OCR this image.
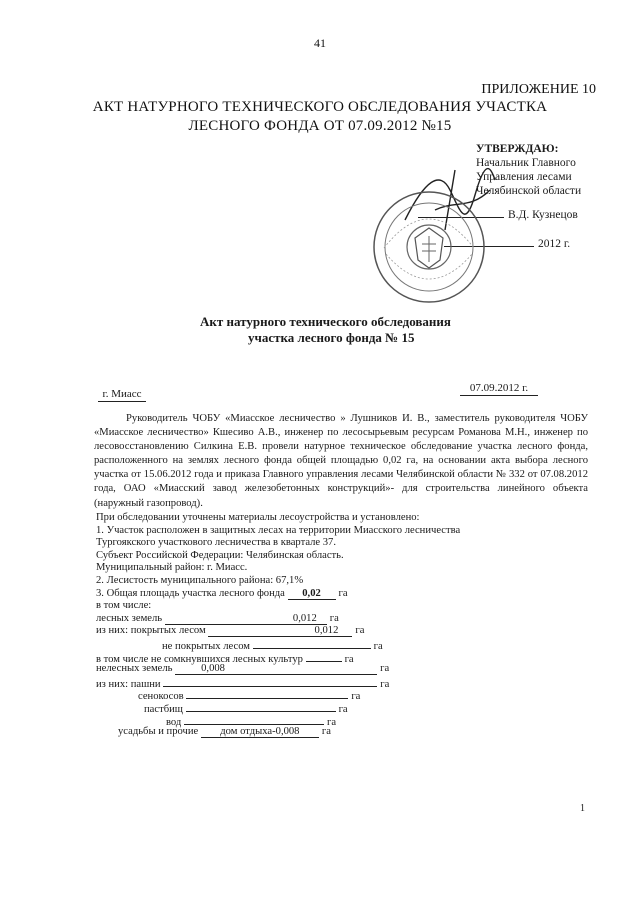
41
ПРИЛОЖЕНИЕ 10
АКТ НАТУРНОГО ТЕХНИЧЕСКОГО ОБСЛЕДОВАНИЯ УЧАСТКА
ЛЕСНОГО ФОНДА ОТ 07.09.2012 №15
УТВЕРЖДАЮ:
Начальник Главного
Управления лесами
Челябинской области
В.Д. Кузнецов
2012 г.
Акт натурного технического обследования
участка лесного фонда № 15
г. Миасс	07.09.2012 г.
Руководитель ЧОБУ «Миасское лесничество » Лушников И. В., заместитель руководителя ЧОБУ «Миасское лесничество» Кшесиво А.В., инженер по лесосырьевым ресурсам Романова М.Н., инженер по лесовосстановлению Силкина Е.В. провели натурное техническое обследование участка лесного фонда, расположенного на землях лесного фонда общей площадью 0,02 га, на основании акта выбора лесного участка от 15.06.2012 года и приказа Главного управления лесами Челябинской области № 332 от 07.08.2012 года, ОАО «Миасский завод железобетонных конструкций»- для строительства линейного объекта (наружный газопровод).
При обследовании уточнены материалы лесоустройства и установлено:
1. Участок расположен в защитных лесах на территории Миасского лесничества
Тургоякского участкового лесничества в квартале 37.
Субъект Российской Федерации: Челябинская область.
Муниципальный район: г. Миасс.
2. Лесистость муниципального района: 67,1%
3. Общая площадь участка лесного фонда 0,02 га
в том числе:
лесных земель	0,012 га
из них: покрытых лесом	0,012 га
не покрытых лесом	га
в том числе не сомкнувшихся лесных культур	га
нелесных земель	0,008	га
из них: пашни	га
сенокосов	га
пастбищ	га
вод	га
усадьбы и прочие дом отдыха-0,008 га
1
